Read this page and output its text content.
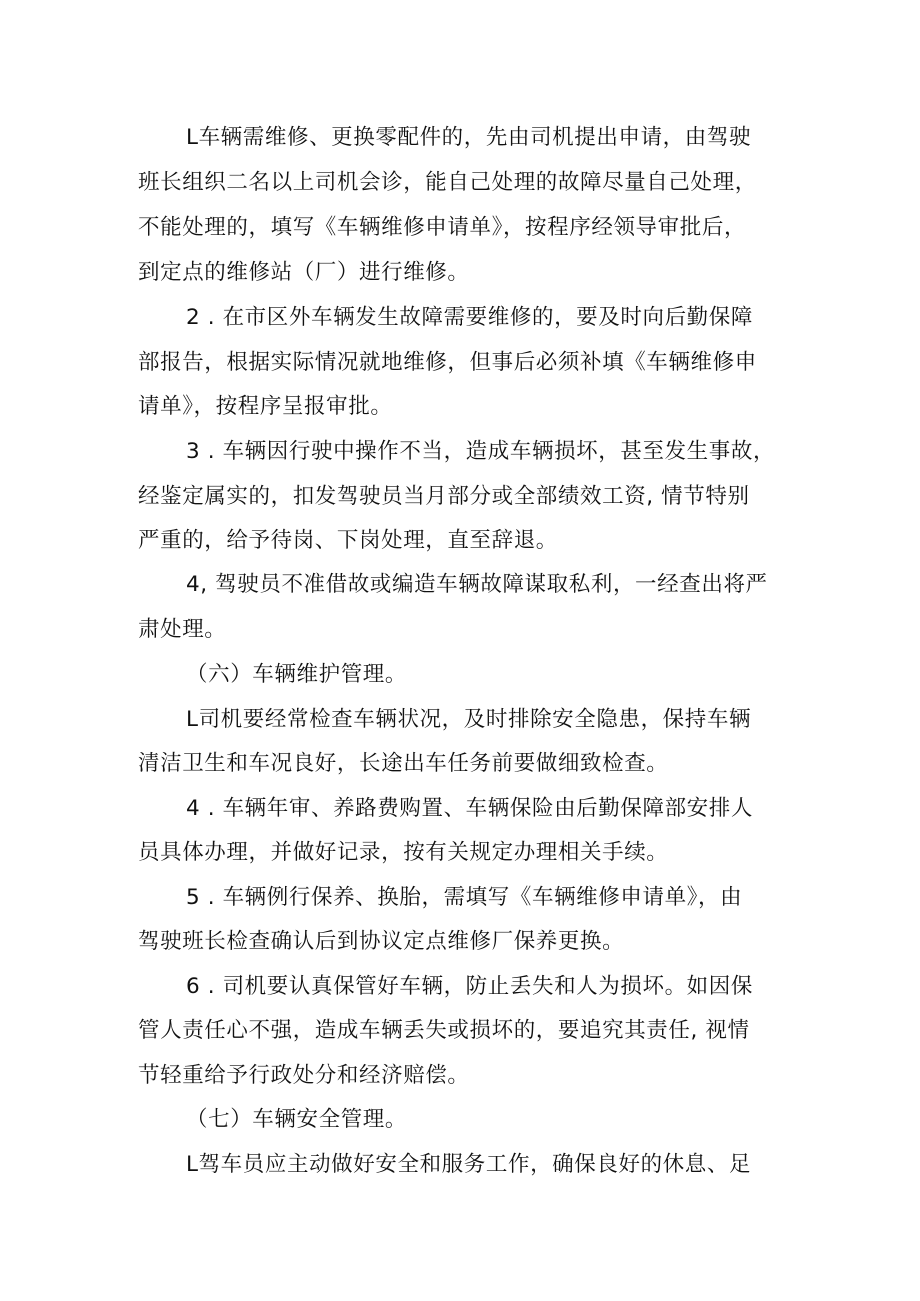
L车辆需维修、更换零配件的，先由司机提出申请，由驾驶
班长组织二名以上司机会诊，能自己处理的故障尽量自己处理，
不能处理的，填写《车辆维修申请单》，按程序经领导审批后，
到定点的维修站（厂）进行维修。
2 . 在市区外车辆发生故障需要维修的，要及时向后勤保障
部报告，根据实际情况就地维修，但事后必须补填《车辆维修申
请单》，按程序呈报审批。
3 . 车辆因行驶中操作不当，造成车辆损坏，甚至发生事故，
经鉴定属实的，扣发驾驶员当月部分或全部绩效工资, 情节特别
严重的，给予待岗、下岗处理，直至辞退。
4, 驾驶员不准借故或编造车辆故障谋取私利，一经查出将严
肃处理。
（六）车辆维护管理。
L司机要经常检查车辆状况，及时排除安全隐患，保持车辆
清洁卫生和车况良好，长途出车任务前要做细致检查。
4 . 车辆年审、养路费购置、车辆保险由后勤保障部安排人
员具体办理，并做好记录，按有关规定办理相关手续。
5 . 车辆例行保养、换胎，需填写《车辆维修申请单》，由
驾驶班长检查确认后到协议定点维修厂保养更换。
6 . 司机要认真保管好车辆，防止丢失和人为损坏。如因保
管人责任心不强，造成车辆丢失或损坏的，要追究其责任, 视情
节轻重给予行政处分和经济赔偿。
（七）车辆安全管理。
L驾车员应主动做好安全和服务工作，确保良好的休息、足
